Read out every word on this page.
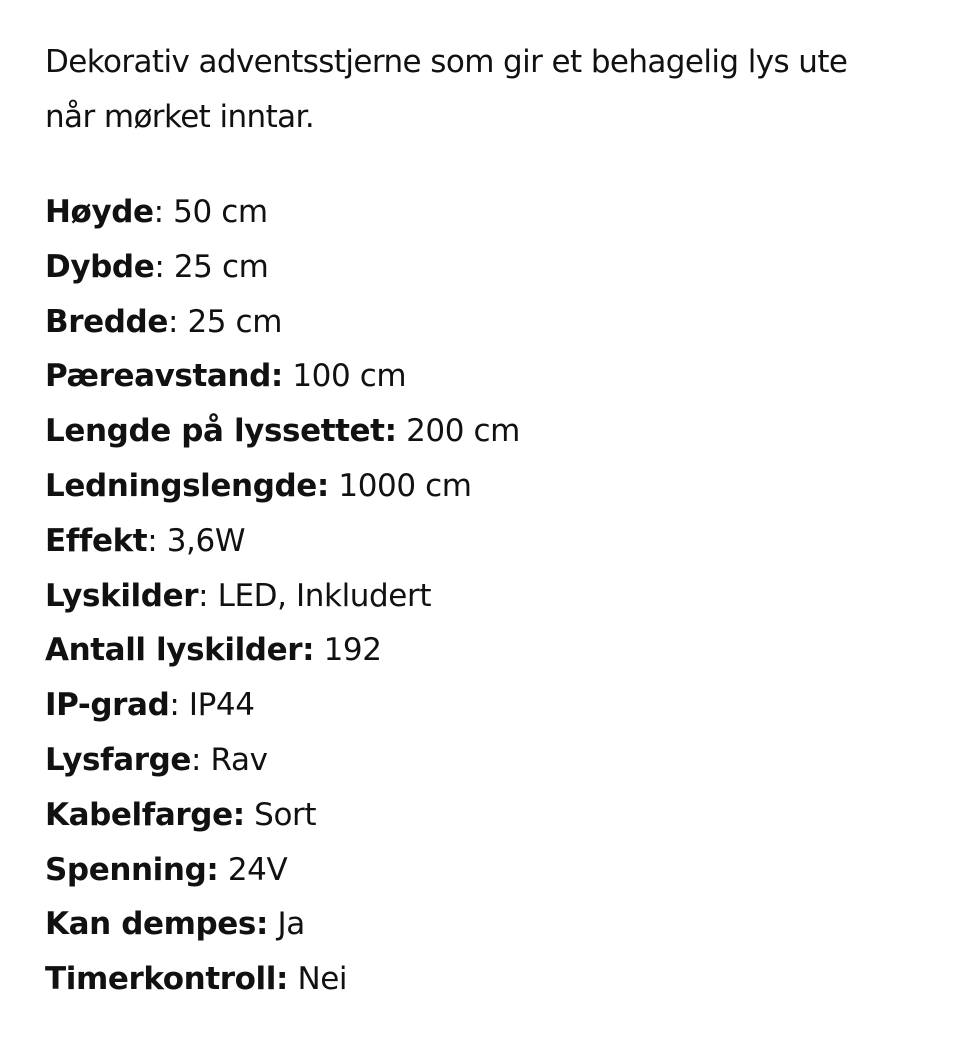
Dekorativ adventsstjerne som gir et behagelig lys ute
når mørket inntar.

Høyde: 50 cm
Dybde: 25 cm
Bredde: 25 cm
Pæreavstand: 100 cm
Lengde på lyssettet: 200 cm
Ledningslengde: 1000 cm
Effekt: 3,6W
Lyskilder: LED, Inkludert
Antall lyskilder: 192
IP-grad: IP44
Lysfarge: Rav
Kabelfarge: Sort
Spenning: 24V
Kan dempes: Ja
Timerkontroll: Nei
